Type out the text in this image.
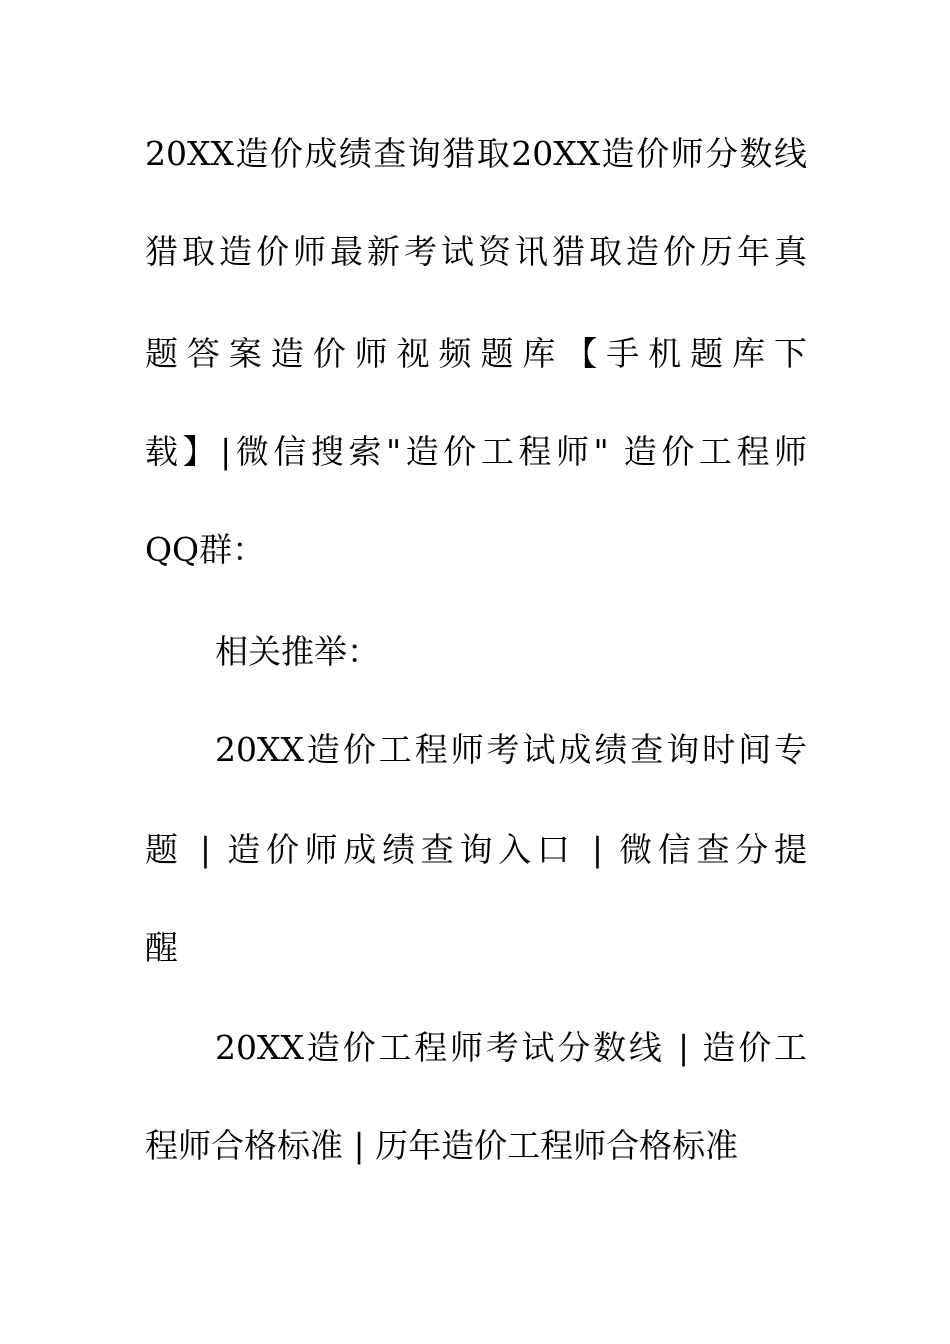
20XX造价成绩查询猎取20XX造价师分数线
猎取造价师最新考试资讯猎取造价历年真
题答案造价师视频题库【手机题库下
载】|微信搜索"造价工程师" 造价工程师
QQ群：
相关推举：
20XX造价工程师考试成绩查询时间专
题 | 造价师成绩查询入口 | 微信查分提
醒
20XX造价工程师考试分数线 | 造价工
程师合格标准 | 历年造价工程师合格标准
